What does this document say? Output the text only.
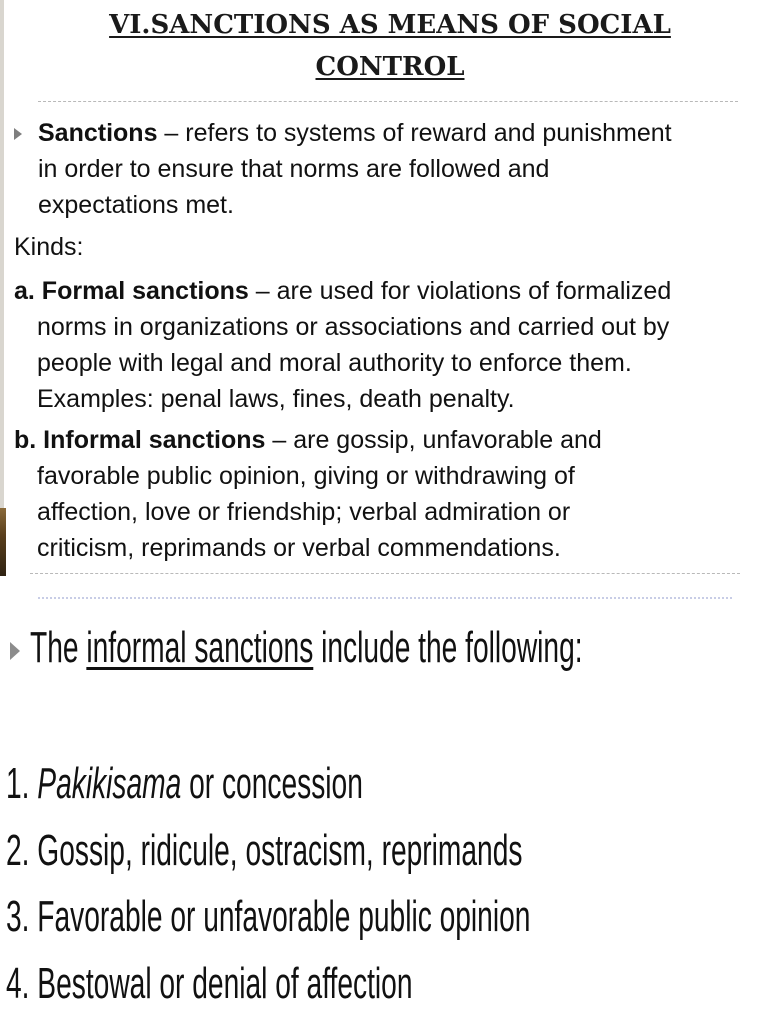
VI.SANCTIONS AS MEANS OF SOCIAL
CONTROL
Sanctions – refers to systems of reward and punishment
in order to ensure that norms are followed and
expectations met.
Kinds:
a. Formal sanctions – are used for violations of formalized
norms in organizations or associations and carried out by
people with legal and moral authority to enforce them.
Examples: penal laws, fines, death penalty.
b. Informal sanctions – are gossip, unfavorable and
favorable public opinion, giving or withdrawing of
affection, love or friendship; verbal admiration or
criticism, reprimands or verbal commendations.
The informal sanctions include the following:
1. Pakikisama or concession
2. Gossip, ridicule, ostracism, reprimands
3. Favorable or unfavorable public opinion
4. Bestowal or denial of affection
